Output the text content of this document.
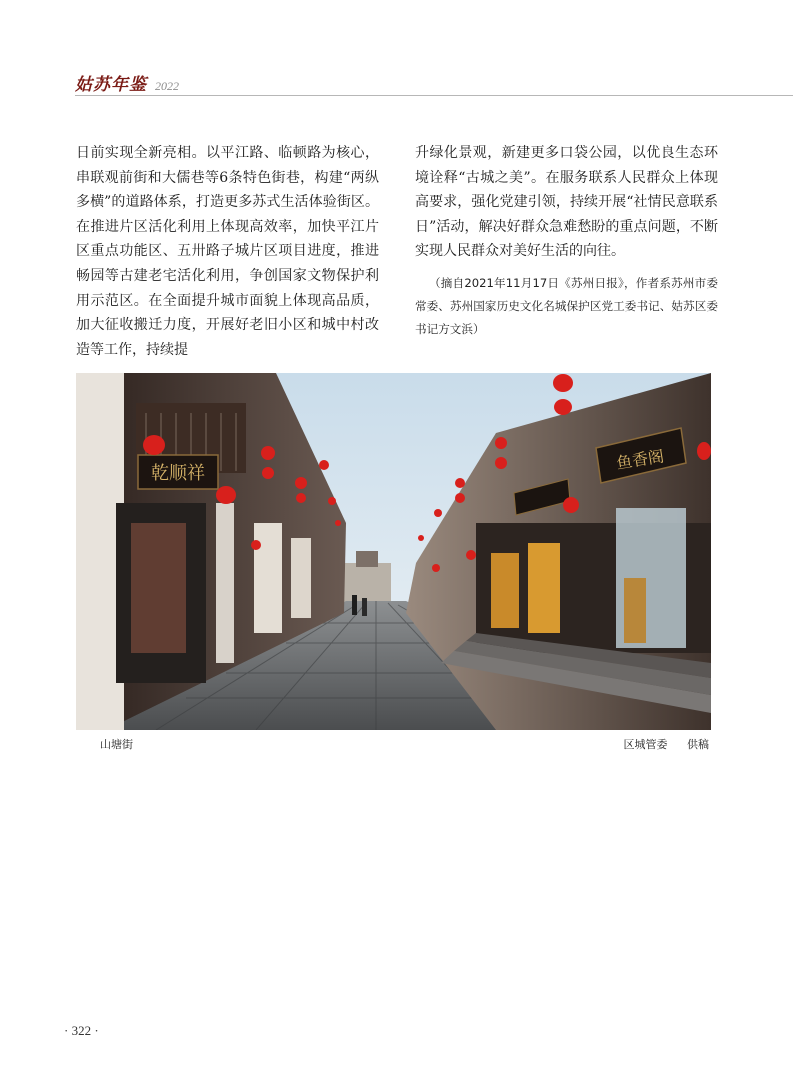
姑苏年鉴 2022

日前实现全新亮相。以平江路、临顿路为核心，串联观前街和大儒巷等6条特色街巷，构建“两纵多横”的道路体系，打造更多苏式生活体验街区。在推进片区活化利用上体现高效率，加快平江片区重点功能区、五卅路子城片区项目进度，推进畅园等古建老宅活化利用，争创国家文物保护利用示范区。在全面提升城市面貌上体现高品质，加大征收搬迁力度，开展好老旧小区和城中村改造等工作，持续提

升绿化景观，新建更多口袋公园，以优良生态环境诠释“古城之美”。在服务联系人民群众上体现高要求，强化党建引领，持续开展“社情民意联系日”活动，解决好群众急难愁盼的重点问题，不断实现人民群众对美好生活的向往。

（摘自2021年11月17日《苏州日报》，作者系苏州市委常委、苏州国家历史文化名城保护区党工委书记、姑苏区委书记方文浜）

乾顺祥
鱼香阁
山塘街	区城管委 供稿
· 322 ·
